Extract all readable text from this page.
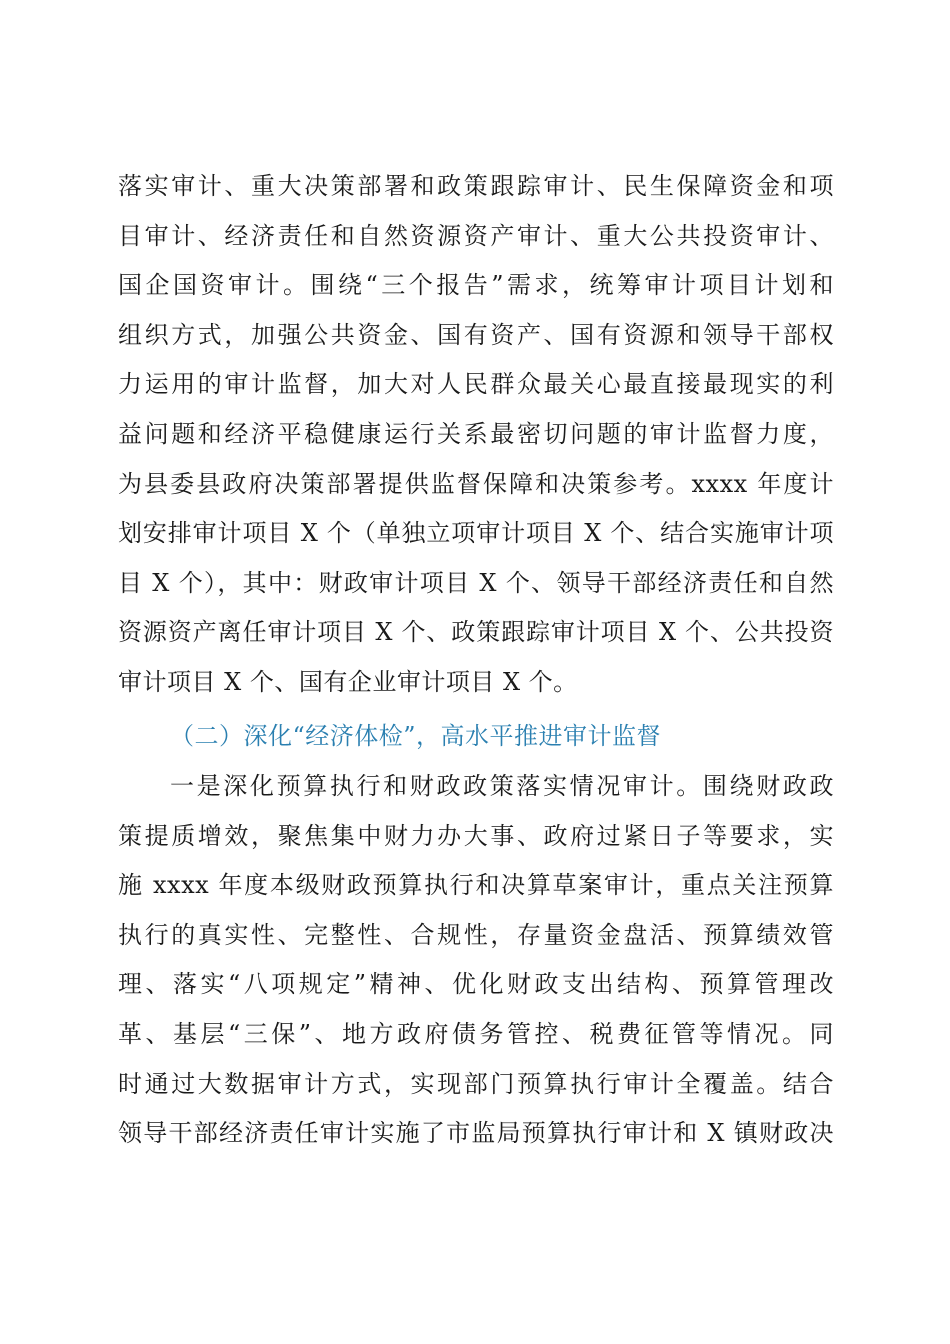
落实审计、重大决策部署和政策跟踪审计、民生保障资金和项
目审计、经济责任和自然资源资产审计、重大公共投资审计、
国企国资审计。围绕“三个报告”需求，统筹审计项目计划和
组织方式，加强公共资金、国有资产、国有资源和领导干部权
力运用的审计监督，加大对人民群众最关心最直接最现实的利
益问题和经济平稳健康运行关系最密切问题的审计监督力度，
为县委县政府决策部署提供监督保障和决策参考。xxxx 年度计
划安排审计项目 X 个（单独立项审计项目 X 个、结合实施审计项
目 X 个），其中：财政审计项目 X 个、领导干部经济责任和自然
资源资产离任审计项目 X 个、政策跟踪审计项目 X 个、公共投资
审计项目 X 个、国有企业审计项目 X 个。
（二）深化“经济体检”，高水平推进审计监督
一是深化预算执行和财政政策落实情况审计。围绕财政政
策提质增效，聚焦集中财力办大事、政府过紧日子等要求，实
施 xxxx 年度本级财政预算执行和决算草案审计，重点关注预算
执行的真实性、完整性、合规性，存量资金盘活、预算绩效管
理、落实“八项规定”精神、优化财政支出结构、预算管理改
革、基层“三保”、地方政府债务管控、税费征管等情况。同
时通过大数据审计方式，实现部门预算执行审计全覆盖。结合
领导干部经济责任审计实施了市监局预算执行审计和 X 镇财政决
